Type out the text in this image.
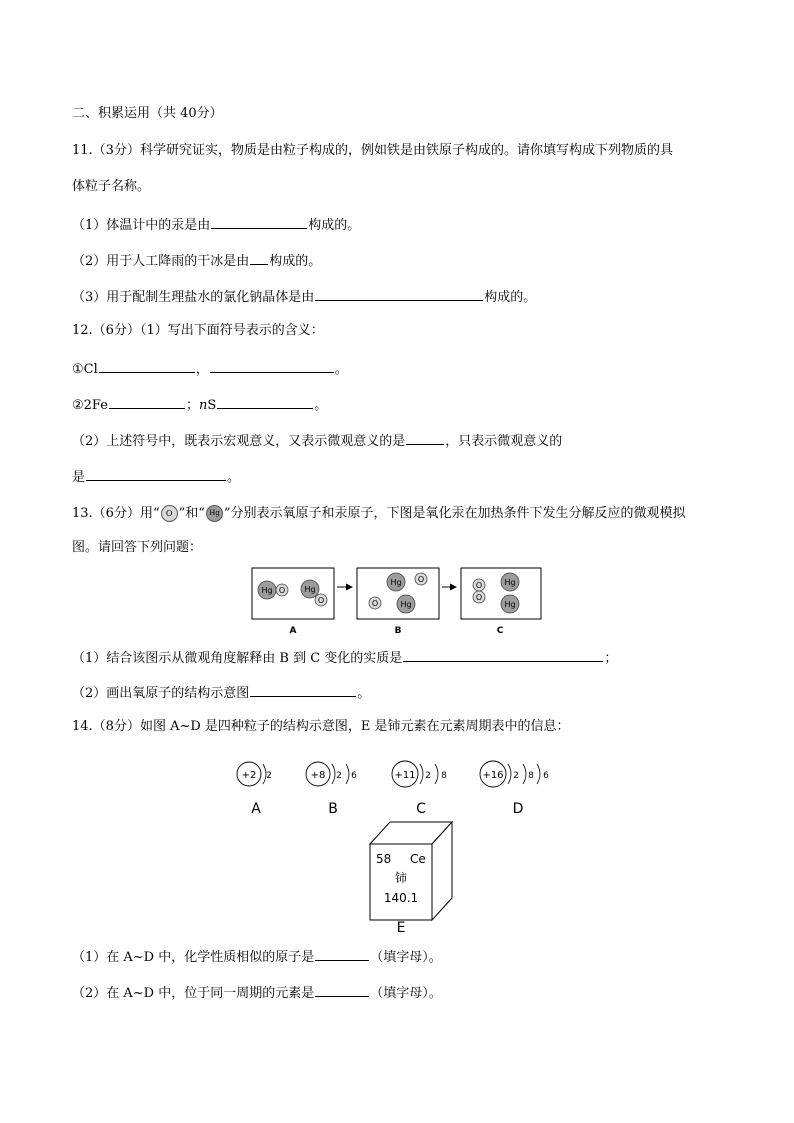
二、积累运用（共 40分）
11.（3分）科学研究证实，物质是由粒子构成的，例如铁是由铁原子构成的。请你填写构成下列物质的具
体粒子名称。
（1）体温计中的汞是由	构成的。
（2）用于人工降雨的干冰是由 构成的。
（3）用于配制生理盐水的氯化钠晶体是由	构成的。
12.（6分）（1）写出下面符号表示的含义：
①Cl	，	。
②2Fe	；nS	。
（2）上述符号中，既表示宏观意义，又表示微观意义的是	，只表示微观意义的
是	。
13.（6分）用“ O ”和“ Hg ”分别表示氧原子和汞原子，下图是氧化汞在加热条件下发生分解反应的微观模拟
图。请回答下列问题：
Hg O Hg
O
A
Hg O
O	Hg
B
O
O
Hg
Hg
C
（1）结合该图示从微观角度解释由 B 到 C 变化的实质是	；
（2）画出氧原子的结构示意图	。
14.（8分）如图 A~D 是四种粒子的结构示意图，E 是铈元素在元素周期表中的信息：
+2 2
A
+8 2 6
B
+11 2 8
C
+16 2 8 6
D
58 Ce
铈
140.1
E
（1）在 A~D 中，化学性质相似的原子是	（填字母）。
（2）在 A~D 中，位于同一周期的元素是	（填字母）。
